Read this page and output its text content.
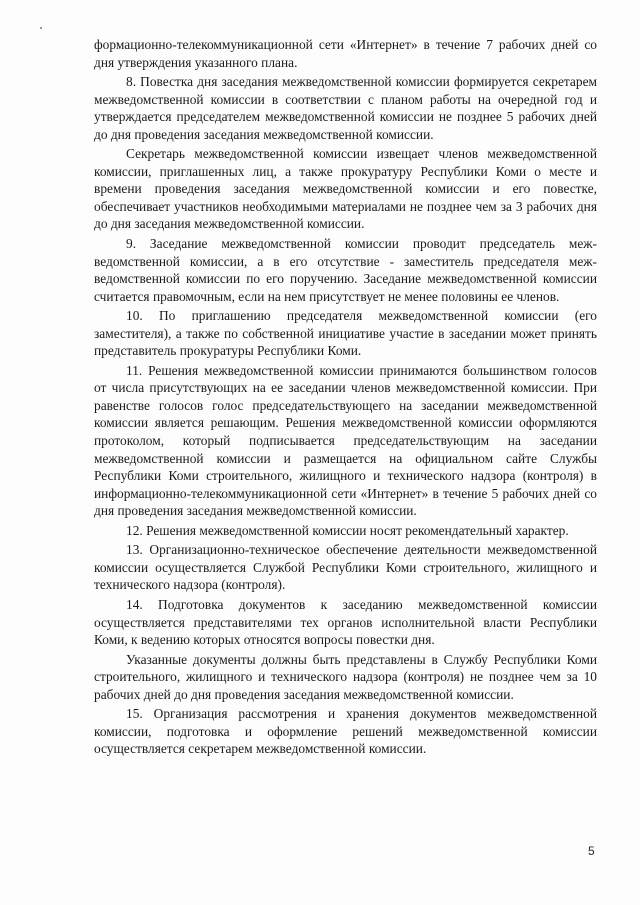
формационно-телекоммуникационной сети «Интернет» в течение 7 рабочих дней со дня утверждения указанного плана.

8. Повестка дня заседания межведомственной комиссии формируется секретарем межведомственной комиссии в соответствии с планом работы на очередной год и утверждается председателем межведомственной комиссии не позднее 5 рабочих дней до дня проведения заседания межведомственной комиссии.

Секретарь межведомственной комиссии извещает членов межведомственной комиссии, приглашенных лиц, а также прокуратуру Республики Коми о месте и времени проведения заседания межведомственной комиссии и его повестке, обеспечивает участников необходимыми материалами не позднее чем за 3 рабочих дня до дня заседания межведомственной комиссии.

9. Заседание межведомственной комиссии проводит председатель межведомственной комиссии, а в его отсутствие - заместитель председателя межведомственной комиссии по его поручению. Заседание межведомственной комиссии считается правомочным, если на нем присутствует не менее половины ее членов.

10. По приглашению председателя межведомственной комиссии (его заместителя), а также по собственной инициативе участие в заседании может принять представитель прокуратуры Республики Коми.

11. Решения межведомственной комиссии принимаются большинством голосов от числа присутствующих на ее заседании членов межведомственной комиссии. При равенстве голосов голос председательствующего на заседании межведомственной комиссии является решающим. Решения межведомственной комиссии оформляются протоколом, который подписывается председательствующим на заседании межведомственной комиссии и размещается на официальном сайте Службы Республики Коми строительного, жилищного и технического надзора (контроля) в информационно-телекоммуникационной сети «Интернет» в течение 5 рабочих дней со дня проведения заседания межведомственной комиссии.

12. Решения межведомственной комиссии носят рекомендательный характер.

13. Организационно-техническое обеспечение деятельности межведомственной комиссии осуществляется Службой Республики Коми строительного, жилищного и технического надзора (контроля).

14. Подготовка документов к заседанию межведомственной комиссии осуществляется представителями тех органов исполнительной власти Республики Коми, к ведению которых относятся вопросы повестки дня.

Указанные документы должны быть представлены в Службу Республики Коми строительного, жилищного и технического надзора (контроля) не позднее чем за 10 рабочих дней до дня проведения заседания межведомственной комиссии.

15. Организация рассмотрения и хранения документов межведомственной комиссии, подготовка и оформление решений межведомственной комиссии осуществляется секретарем межведомственной комиссии.

5
